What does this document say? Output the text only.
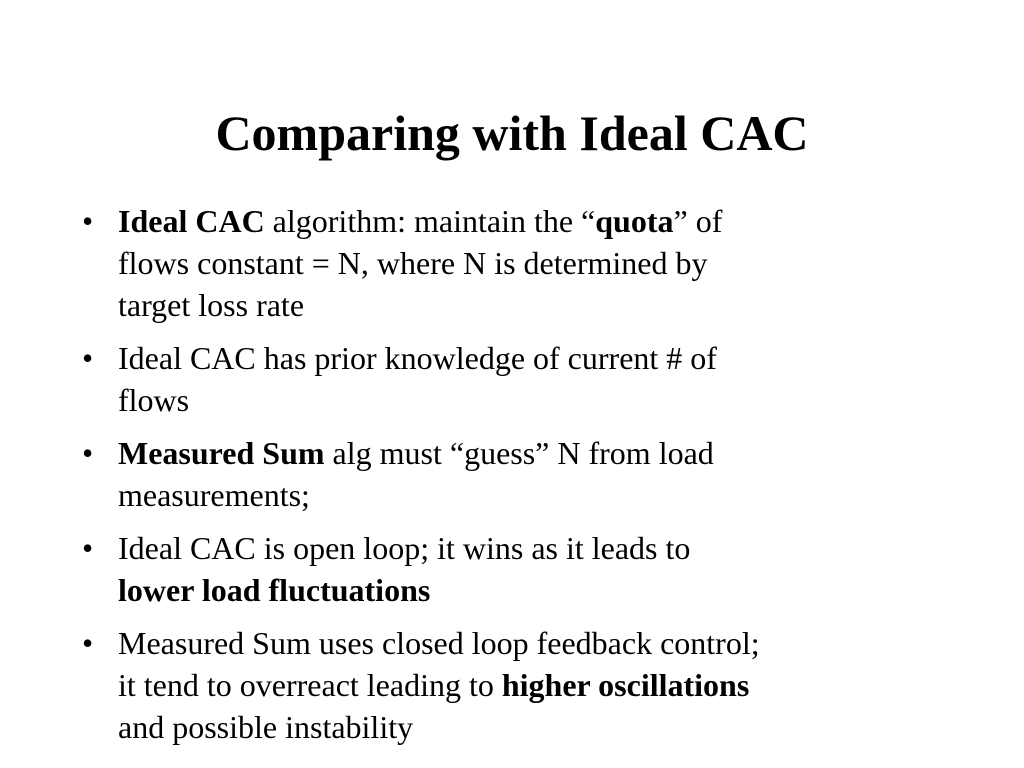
Comparing with Ideal CAC
• Ideal CAC algorithm: maintain the “quota” of
flows constant = N, where N is determined by
target loss rate
• Ideal CAC has prior knowledge of current # of
flows
• Measured Sum alg must “guess” N from load
measurements;
• Ideal CAC is open loop; it wins as it leads to
lower load fluctuations
• Measured Sum uses closed loop feedback control;
it tend to overreact leading to higher oscillations
and possible instability
